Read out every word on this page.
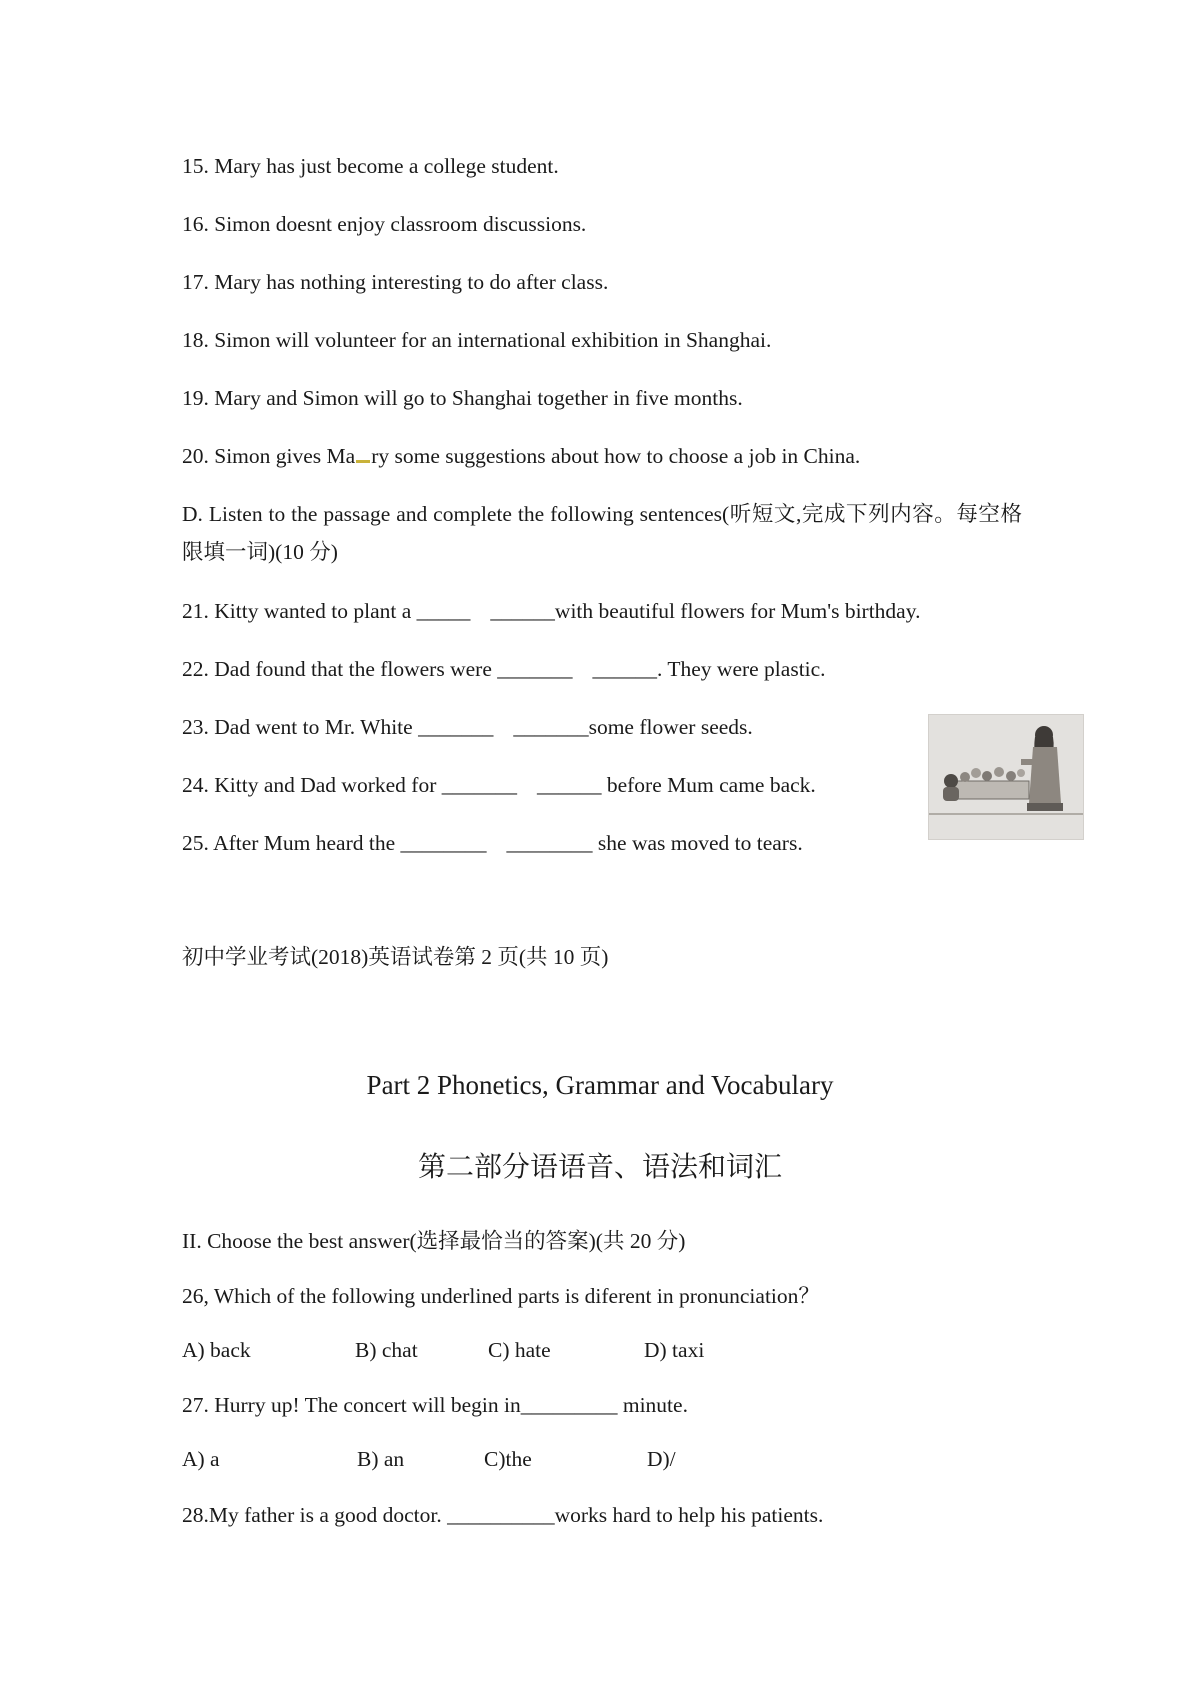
15. Mary has just become a college student.
16. Simon doesnt enjoy classroom discussions.
17. Mary has nothing interesting to do after class.
18. Simon will volunteer for an international exhibition in Shanghai.
19. Mary and Simon will go to Shanghai together in five months.
20. Simon gives Ma ry some suggestions about how to choose a job in China.
D. Listen to the passage and complete the following sentences(听短文,完成下列内容。每空格限填一词)(10 分)
21. Kitty wanted to plant a _____ ______with beautiful flowers for Mum's birthday.
22. Dad found that the flowers were _______ ______. They were plastic.
23. Dad went to Mr. White _______ _______some flower seeds.
24. Kitty and Dad worked for _______ ______ before Mum came back.
25. After Mum heard the ________ ________ she was moved to tears.
初中学业考试(2018)英语试卷第 2 页(共 10 页)
Part 2 Phonetics, Grammar and Vocabulary
第二部分语语音、语法和词汇
II. Choose the best answer(选择最恰当的答案)(共 20 分)
26, Which of the following underlined parts is diferent in pronunciation？
A) back	B) chat	C) hate	D) taxi
27. Hurry up! The concert will begin in_________ minute.
A) a	B) an	C)the	D)/
28.My father is a good doctor. __________works hard to help his patients.
